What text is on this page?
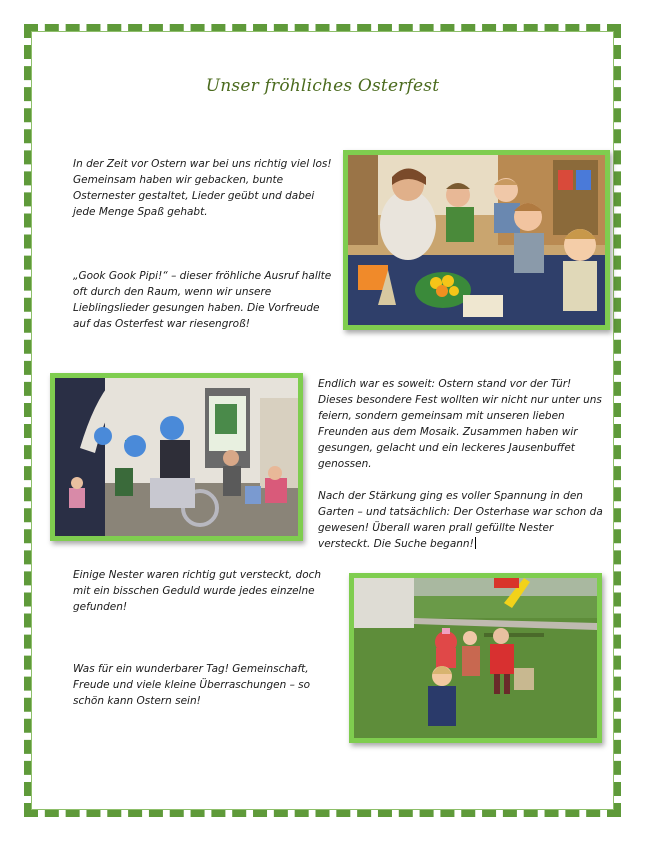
Unser fröhliches Osterfest
In der Zeit vor Ostern war bei uns richtig viel los! Gemeinsam haben wir gebacken, bunte Osternester gestaltet, Lieder geübt und dabei jede Menge Spaß gehabt.
„Gook Gook Pipi!“ – dieser fröhliche Ausruf hallte oft durch den Raum, wenn wir unsere Lieblingslieder gesungen haben. Die Vorfreude auf das Osterfest war riesengroß!
Endlich war es soweit: Ostern stand vor der Tür! Dieses besondere Fest wollten wir nicht nur unter uns feiern, sondern gemeinsam mit unseren lieben Freunden aus dem Mosaik. Zusammen haben wir gesungen, gelacht und ein leckeres Jausenbuffet genossen.
Nach der Stärkung ging es voller Spannung in den Garten – und tatsächlich: Der Osterhase war schon da gewesen! Überall waren prall gefüllte Nester versteckt. Die Suche begann!
Einige Nester waren richtig gut versteckt, doch mit ein bisschen Geduld wurde jedes einzelne gefunden!
Was für ein wunderbarer Tag! Gemeinschaft, Freude und viele kleine Überraschungen – so schön kann Ostern sein!
